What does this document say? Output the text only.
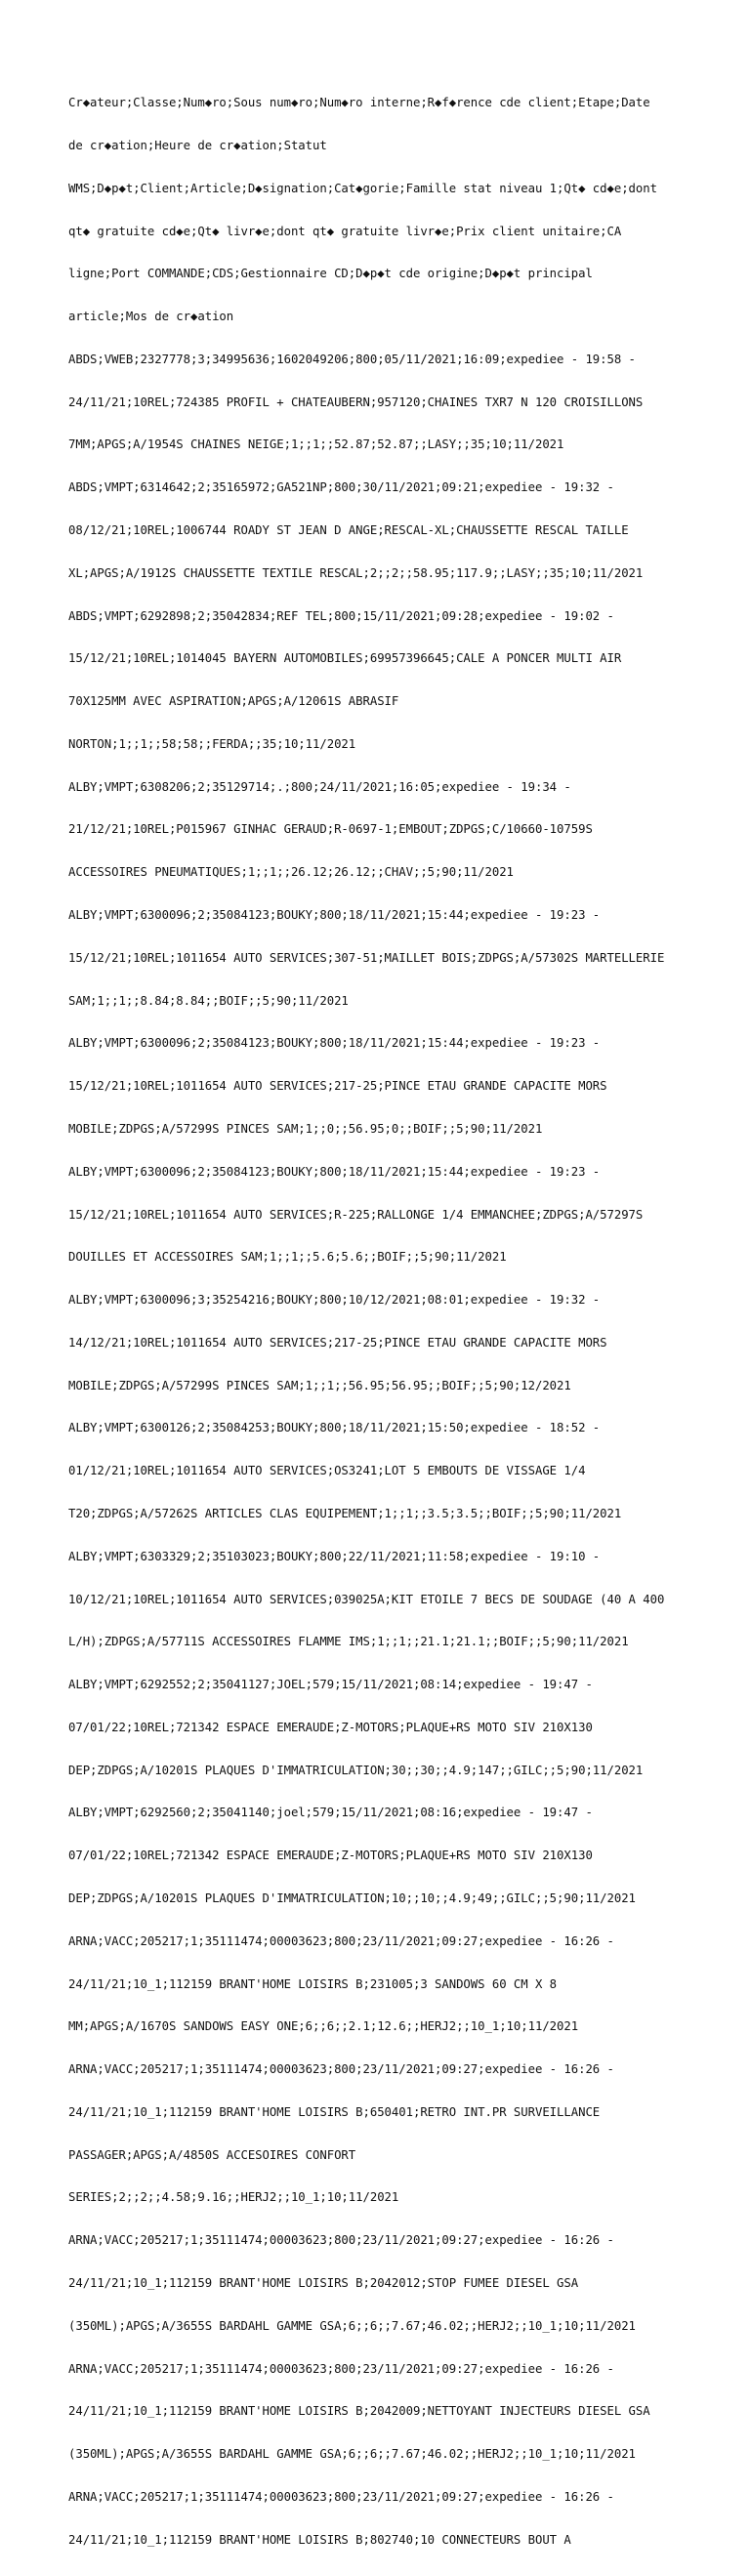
Cr◆ateur;Classe;Num◆ro;Sous num◆ro;Num◆ro interne;R◆f◆rence cde client;Etape;Date

de cr◆ation;Heure de cr◆ation;Statut

WMS;D◆p◆t;Client;Article;D◆signation;Cat◆gorie;Famille stat niveau 1;Qt◆ cd◆e;dont

qt◆ gratuite cd◆e;Qt◆ livr◆e;dont qt◆ gratuite livr◆e;Prix client unitaire;CA

ligne;Port COMMANDE;CDS;Gestionnaire CD;D◆p◆t cde origine;D◆p◆t principal

article;Mos de cr◆ation

ABDS;VWEB;2327778;3;34995636;1602049206;800;05/11/2021;16:09;expediee - 19:58 -

24/11/21;10REL;724385 PROFIL + CHATEAUBERN;957120;CHAINES TXR7 N 120 CROISILLONS

7MM;APGS;A/1954S CHAINES NEIGE;1;;1;;52.87;52.87;;LASY;;35;10;11/2021

ABDS;VMPT;6314642;2;35165972;GA521NP;800;30/11/2021;09:21;expediee - 19:32 -

08/12/21;10REL;1006744 ROADY ST JEAN D ANGE;RESCAL-XL;CHAUSSETTE RESCAL TAILLE

XL;APGS;A/1912S CHAUSSETTE TEXTILE RESCAL;2;;2;;58.95;117.9;;LASY;;35;10;11/2021

ABDS;VMPT;6292898;2;35042834;REF TEL;800;15/11/2021;09:28;expediee - 19:02 -

15/12/21;10REL;1014045 BAYERN AUTOMOBILES;69957396645;CALE A PONCER MULTI AIR

70X125MM AVEC ASPIRATION;APGS;A/12061S ABRASIF

NORTON;1;;1;;58;58;;FERDA;;35;10;11/2021

ALBY;VMPT;6308206;2;35129714;.;800;24/11/2021;16:05;expediee - 19:34 -

21/12/21;10REL;P015967 GINHAC GERAUD;R-0697-1;EMBOUT;ZDPGS;C/10660-10759S

ACCESSOIRES PNEUMATIQUES;1;;1;;26.12;26.12;;CHAV;;5;90;11/2021

ALBY;VMPT;6300096;2;35084123;BOUKY;800;18/11/2021;15:44;expediee - 19:23 -

15/12/21;10REL;1011654 AUTO SERVICES;307-51;MAILLET BOIS;ZDPGS;A/57302S MARTELLERIE

SAM;1;;1;;8.84;8.84;;BOIF;;5;90;11/2021

ALBY;VMPT;6300096;2;35084123;BOUKY;800;18/11/2021;15:44;expediee - 19:23 -

15/12/21;10REL;1011654 AUTO SERVICES;217-25;PINCE ETAU GRANDE CAPACITE MORS

MOBILE;ZDPGS;A/57299S PINCES SAM;1;;0;;56.95;0;;BOIF;;5;90;11/2021

ALBY;VMPT;6300096;2;35084123;BOUKY;800;18/11/2021;15:44;expediee - 19:23 -

15/12/21;10REL;1011654 AUTO SERVICES;R-225;RALLONGE 1/4 EMMANCHEE;ZDPGS;A/57297S

DOUILLES ET ACCESSOIRES SAM;1;;1;;5.6;5.6;;BOIF;;5;90;11/2021

ALBY;VMPT;6300096;3;35254216;BOUKY;800;10/12/2021;08:01;expediee - 19:32 -

14/12/21;10REL;1011654 AUTO SERVICES;217-25;PINCE ETAU GRANDE CAPACITE MORS

MOBILE;ZDPGS;A/57299S PINCES SAM;1;;1;;56.95;56.95;;BOIF;;5;90;12/2021

ALBY;VMPT;6300126;2;35084253;BOUKY;800;18/11/2021;15:50;expediee - 18:52 -

01/12/21;10REL;1011654 AUTO SERVICES;OS3241;LOT 5 EMBOUTS DE VISSAGE 1/4

T20;ZDPGS;A/57262S ARTICLES CLAS EQUIPEMENT;1;;1;;3.5;3.5;;BOIF;;5;90;11/2021

ALBY;VMPT;6303329;2;35103023;BOUKY;800;22/11/2021;11:58;expediee - 19:10 -

10/12/21;10REL;1011654 AUTO SERVICES;039025A;KIT ETOILE 7 BECS DE SOUDAGE (40 A 400

L/H);ZDPGS;A/57711S ACCESSOIRES FLAMME IMS;1;;1;;21.1;21.1;;BOIF;;5;90;11/2021

ALBY;VMPT;6292552;2;35041127;JOEL;579;15/11/2021;08:14;expediee - 19:47 -

07/01/22;10REL;721342 ESPACE EMERAUDE;Z-MOTORS;PLAQUE+RS MOTO SIV 210X130

DEP;ZDPGS;A/10201S PLAQUES D'IMMATRICULATION;30;;30;;4.9;147;;GILC;;5;90;11/2021

ALBY;VMPT;6292560;2;35041140;joel;579;15/11/2021;08:16;expediee - 19:47 -

07/01/22;10REL;721342 ESPACE EMERAUDE;Z-MOTORS;PLAQUE+RS MOTO SIV 210X130

DEP;ZDPGS;A/10201S PLAQUES D'IMMATRICULATION;10;;10;;4.9;49;;GILC;;5;90;11/2021

ARNA;VACC;205217;1;35111474;00003623;800;23/11/2021;09:27;expediee - 16:26 -

24/11/21;10_1;112159 BRANT'HOME LOISIRS B;231005;3 SANDOWS 60 CM X 8

MM;APGS;A/1670S SANDOWS EASY ONE;6;;6;;2.1;12.6;;HERJ2;;10_1;10;11/2021

ARNA;VACC;205217;1;35111474;00003623;800;23/11/2021;09:27;expediee - 16:26 -

24/11/21;10_1;112159 BRANT'HOME LOISIRS B;650401;RETRO INT.PR SURVEILLANCE

PASSAGER;APGS;A/4850S ACCESOIRES CONFORT

SERIES;2;;2;;4.58;9.16;;HERJ2;;10_1;10;11/2021

ARNA;VACC;205217;1;35111474;00003623;800;23/11/2021;09:27;expediee - 16:26 -

24/11/21;10_1;112159 BRANT'HOME LOISIRS B;2042012;STOP FUMEE DIESEL GSA

(350ML);APGS;A/3655S BARDAHL GAMME GSA;6;;6;;7.67;46.02;;HERJ2;;10_1;10;11/2021

ARNA;VACC;205217;1;35111474;00003623;800;23/11/2021;09:27;expediee - 16:26 -

24/11/21;10_1;112159 BRANT'HOME LOISIRS B;2042009;NETTOYANT INJECTEURS DIESEL GSA

(350ML);APGS;A/3655S BARDAHL GAMME GSA;6;;6;;7.67;46.02;;HERJ2;;10_1;10;11/2021

ARNA;VACC;205217;1;35111474;00003623;800;23/11/2021;09:27;expediee - 16:26 -

24/11/21;10_1;112159 BRANT'HOME LOISIRS B;802740;10 CONNECTEURS BOUT A
